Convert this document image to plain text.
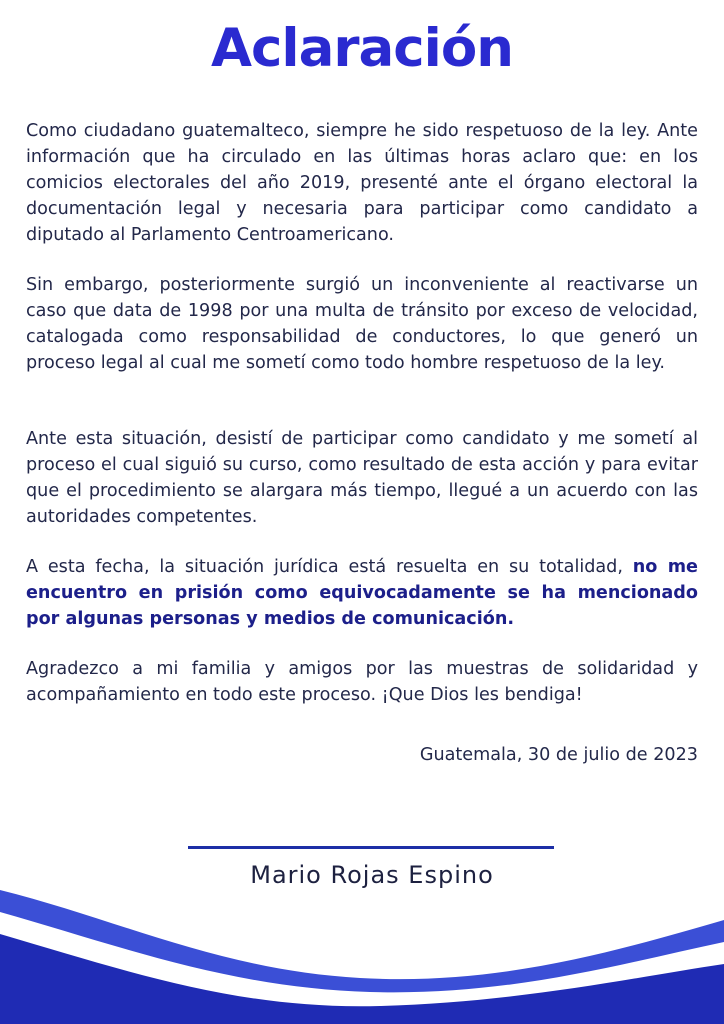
Aclaración

Como ciudadano guatemalteco, siempre he sido respetuoso de la ley. Ante información que ha circulado en las últimas horas aclaro que: en los comicios electorales del año 2019, presenté ante el órgano electoral la documentación legal y necesaria para participar como candidato a diputado al Parlamento Centroamericano.

Sin embargo, posteriormente surgió un inconveniente al reactivarse un caso que data de 1998 por una multa de tránsito por exceso de velocidad, catalogada como responsabilidad de conductores, lo que generó un proceso legal al cual me sometí como todo hombre respetuoso de la ley.

Ante esta situación, desistí de participar como candidato y me sometí al proceso el cual siguió su curso, como resultado de esta acción y para evitar que el procedimiento se alargara más tiempo, llegué a un acuerdo con las autoridades competentes.

A esta fecha, la situación jurídica está resuelta en su totalidad, no me encuentro en prisión como equivocadamente se ha mencionado por algunas personas y medios de comunicación.

Agradezco a mi familia y amigos por las muestras de solidaridad y acompañamiento en todo este proceso. ¡Que Dios les bendiga!

Guatemala, 30 de julio de 2023
Mario Rojas Espino
